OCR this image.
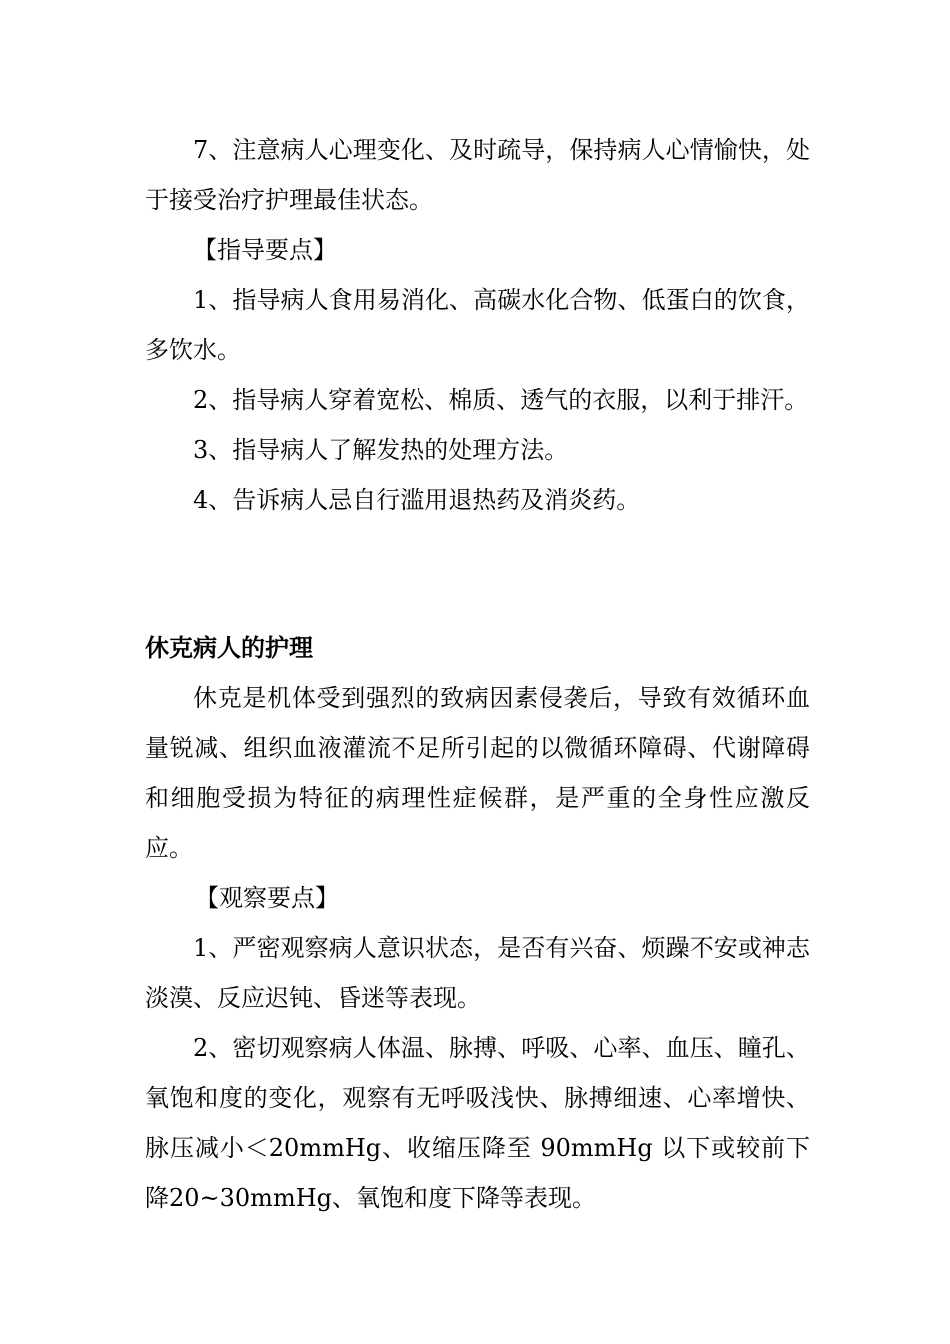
7、注意病人心理变化、及时疏导，保持病人心情愉快，处于接受治疗护理最佳状态。

【指导要点】

1、指导病人食用易消化、高碳水化合物、低蛋白的饮食，多饮水。

2、指导病人穿着宽松、棉质、透气的衣服，以利于排汗。

3、指导病人了解发热的处理方法。

4、告诉病人忌自行滥用退热药及消炎药。

休克病人的护理

休克是机体受到强烈的致病因素侵袭后，导致有效循环血量锐减、组织血液灌流不足所引起的以微循环障碍、代谢障碍和细胞受损为特征的病理性症候群，是严重的全身性应激反应。

【观察要点】

1、严密观察病人意识状态，是否有兴奋、烦躁不安或神志淡漠、反应迟钝、昏迷等表现。

2、密切观察病人体温、脉搏、呼吸、心率、血压、瞳孔、氧饱和度的变化，观察有无呼吸浅快、脉搏细速、心率增快、脉压减小＜20mmHg、收缩压降至 90mmHg 以下或较前下降20~30mmHg、氧饱和度下降等表现。
